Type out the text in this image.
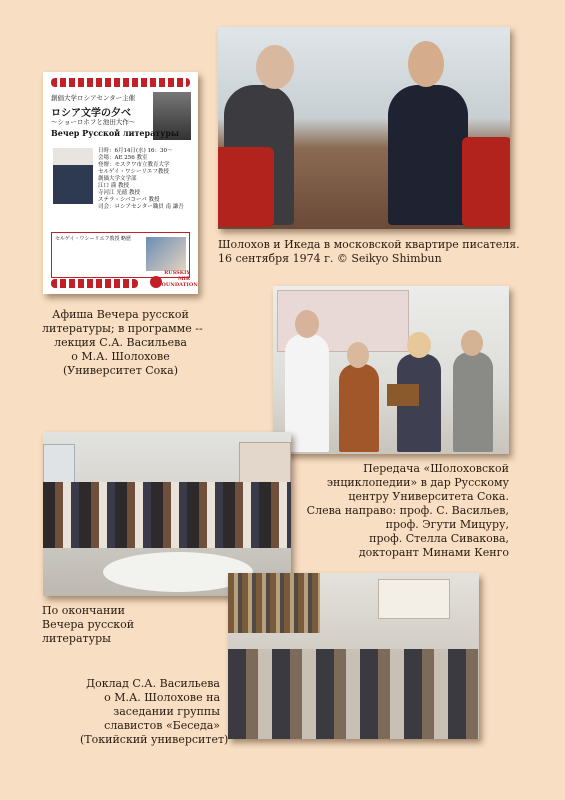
創価大学ロシアセンター主催
ロシア文学の夕べ
～ショーロホフと池田大作～
Вечер Русской литературы
日時：6月14日(水) 16：30～
会場：AE 256 教室
登壇：モスクワ市立教育大学
セルゲイ・ワシーリエフ教授
創価大学文学部
江口 満 教授
寺河江 光徳 教授
ステラ・シバコーバ 教授
司会：ロシアセンター職員 南 謙吾
セルゲイ・ワシーリエフ教授 略歴
RUSSKIY MIR FOUNDATION
Шолохов и Икеда в московской квартире писателя.
16 сентября 1974 г. © Seikyo Shimbun
Афиша Вечера русской
литературы; в программе --
лекция С.А. Васильева
о М.А. Шолохове
(Университет Сока)
Передача «Шолоховской
энциклопедии» в дар Русскому
центру Университета Сока.
Слева направо: проф. С. Васильев,
проф. Эгути Мицуру,
проф. Стелла Сивакова,
докторант Минами Кенго
По окончании
Вечера русской
литературы
Доклад С.А. Васильева
о М.А. Шолохове на
заседании группы
славистов «Беседа»
(Токийский университет)
